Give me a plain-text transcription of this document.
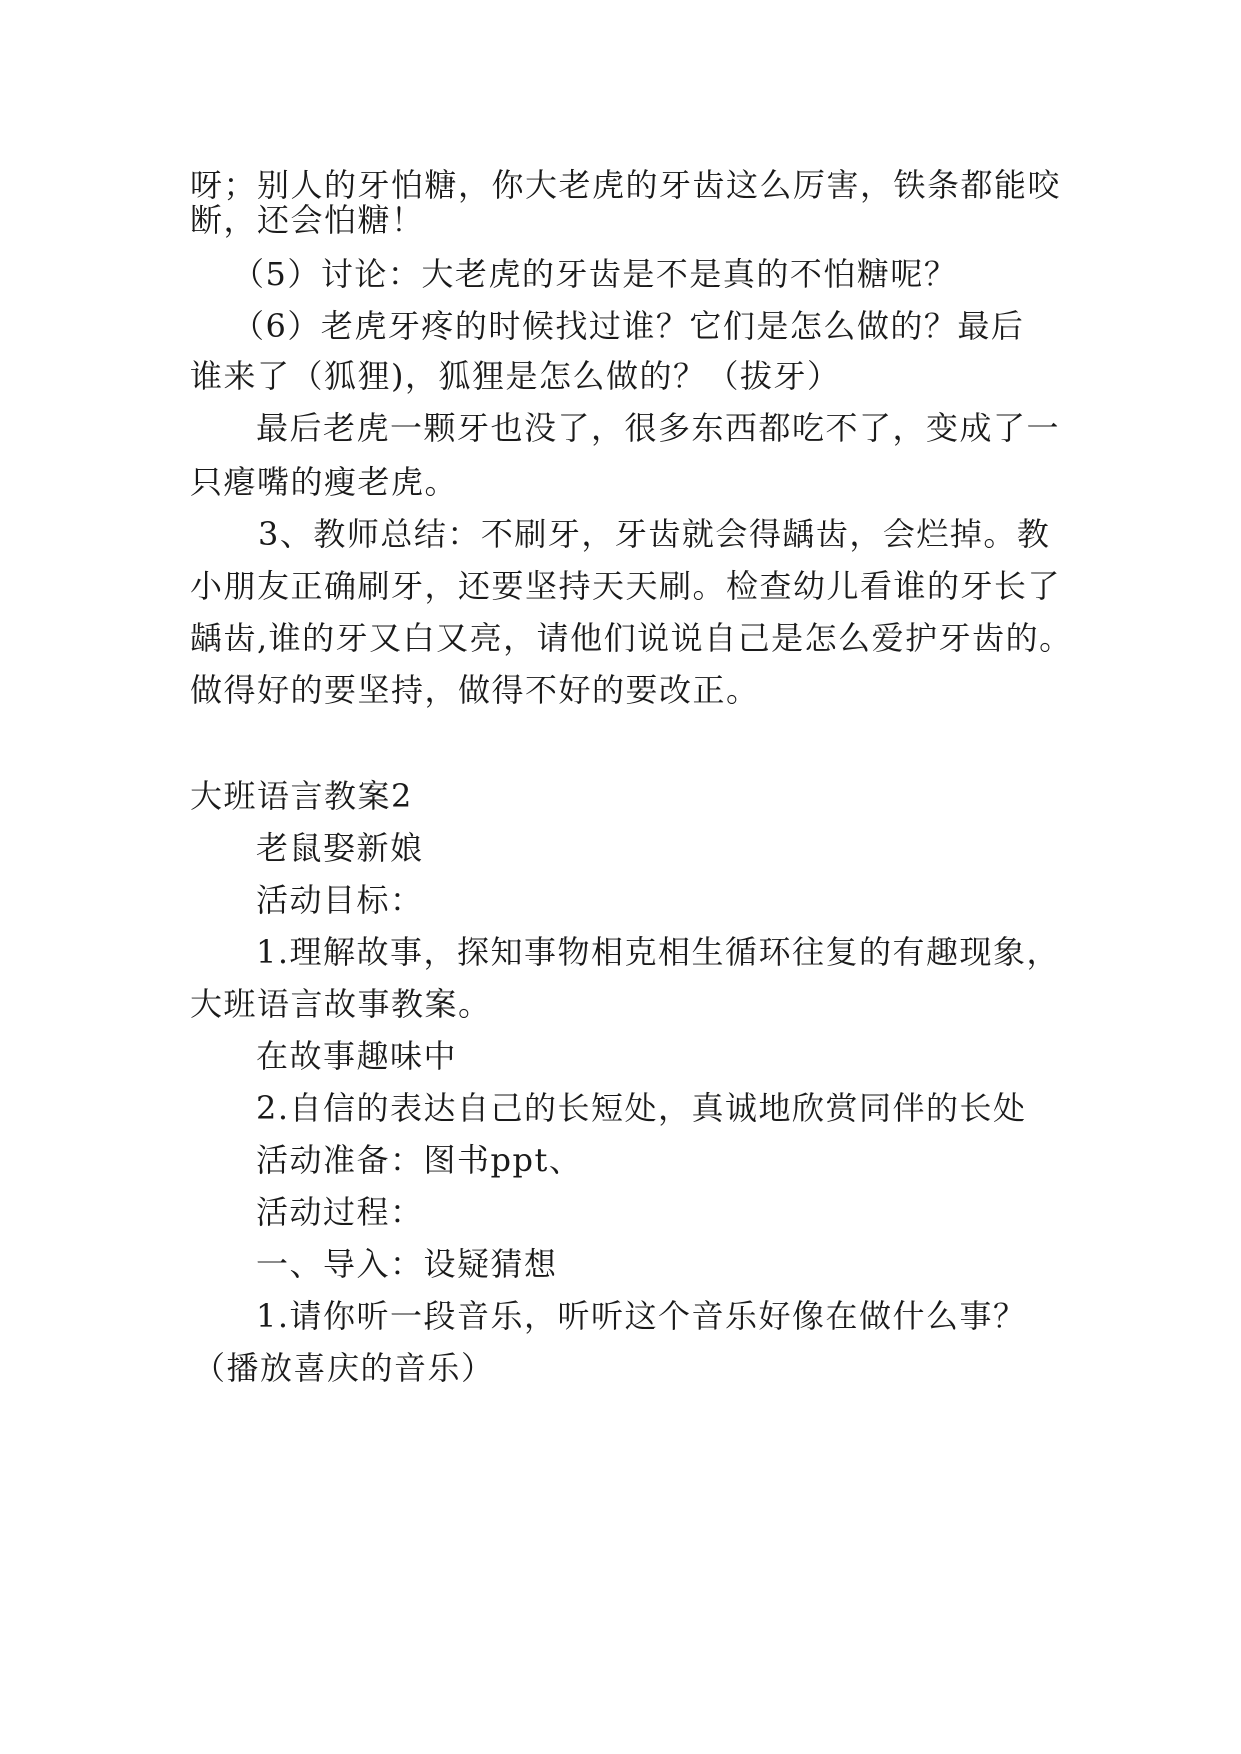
呀；别人的牙怕糖，你大老虎的牙齿这么厉害，铁条都能咬
断，还会怕糖！
（5）讨论：大老虎的牙齿是不是真的不怕糖呢？
（6）老虎牙疼的时候找过谁？它们是怎么做的？最后
谁来了（狐狸)，狐狸是怎么做的？（拔牙）
最后老虎一颗牙也没了，很多东西都吃不了，变成了一
只瘪嘴的瘦老虎。
3、教师总结：不刷牙，牙齿就会得龋齿，会烂掉。教
小朋友正确刷牙，还要坚持天天刷。检查幼儿看谁的牙长了
龋齿,谁的牙又白又亮，请他们说说自己是怎么爱护牙齿的。
做得好的要坚持，做得不好的要改正。
大班语言教案2
老鼠娶新娘
活动目标：
1.理解故事，探知事物相克相生循环往复的有趣现象，
大班语言故事教案。
在故事趣味中
2.自信的表达自己的长短处，真诚地欣赏同伴的长处
活动准备：图书ppt、
活动过程：
一、导入：设疑猜想
1.请你听一段音乐，听听这个音乐好像在做什么事？
（播放喜庆的音乐）
